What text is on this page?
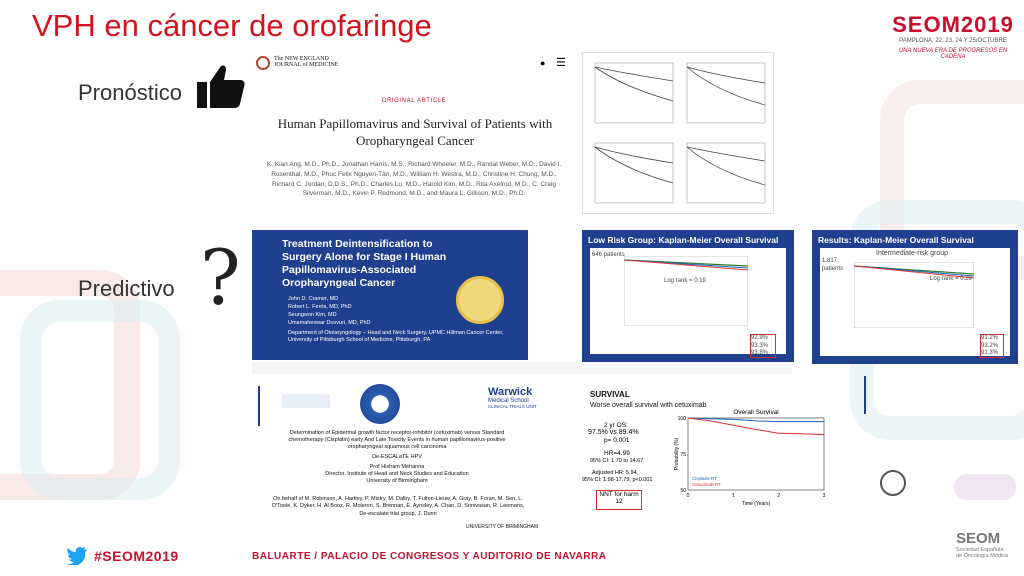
VPH en cáncer de orofaringe	SEOM2019
PAMPLONA, 22, 23, 24 Y 25/OCTUBRE
UNA NUEVA ERA DE PROGRESOS EN CADENA
Pronóstico
Predictivo ?
The NEW ENGLAND JOURNAL of MEDICINE	● ☰
ORIGINAL ARTICLE
Human Papillomavirus and Survival of Patients with Oropharyngeal Cancer
K. Kian Ang, M.D., Ph.D., Jonathan Harris, M.S., Richard Wheeler, M.D., Randal Weber, M.D., David I. Rosenthal, M.D., Phuc Felix Nguyen-Tân, M.D., William H. Westra, M.D., Christine H. Chung, M.D., Richard C. Jordan, D.D.S., Ph.D., Charles Lu, M.D., Harold Kim, M.D., Rita Axelrod, M.D., C. Craig Silverman, M.D., Kevin P. Redmond, M.D., and Maura L. Gillison, M.D., Ph.D.
Treatment Deintensification to Surgery Alone for Stage I Human Papillomavirus-Associated Oropharyngeal Cancer
John D. Cramer, MD
Robert L. Ferris, MD, PhD
Seungwon Kim, MD
Umamaheswar Duvvuri, MD, PhD
Department of Otolaryngology – Head and Neck Surgery, UPMC Hillman Cancer Center, University of Pittsburgh School of Medicine, Pittsburgh, PA
Low Risk Group: Kaplan-Meier Overall Survival
646 patients
Log rank = 0.19
92.9%
93.3%
93.8%
Results: Kaplan-Meier Overall Survival
Intermediate-risk group
1,817 patients
Log rank = 0.29
91.2%
93.2%
91.3%
Warwick
Medical School
CLINICAL TRIALS UNIT
Determination of Epidermal growth factor receptor-inhibitor (cetuximab) versus Standard chemotherapy (Cisplatin) early And Late Toxicity Events in human papillomavirus-positive oropharyngeal squamous cell carcinoma
De-ESCALaTE HPV
Prof Hisham Mehanna
Director, Institute of Head and Neck Studies and Education
University of Birmingham
On behalf of M. Robinson, A. Hartley, P. Mistry, M. Dalby, T. Fulton-Lieuw, A. Gray, B. Foran, M. Sen, L. O'Toole, K. Dyker, H. Al Booz, R. Moleron, S. Brennan, E. Aynsley, A. Chan, D. Srinivasan, R. Leemans, De-escalate trial group, J. Dunn
UNIVERSITY OF BIRMINGHAM
SURVIVAL
Worse overall survival with cetuximab
2 yr OS:
97.5% vs 89.4%
p= 0.001
HR=4.99
95% CI: 1.70 to 14.67
Adjusted HR: 5.94,
95% CI: 1.98-17.79, p<0.001
NNT for harm
12
Overall Survival
0	1	2	3
50
75
100
Time (Years)
Probability (%)
Cisplatin-RT
Cetuximab-RT
SEOM
Sociedad Española
de Oncología Médica
#SEOM2019	BALUARTE / PALACIO DE CONGRESOS Y AUDITORIO DE NAVARRA
